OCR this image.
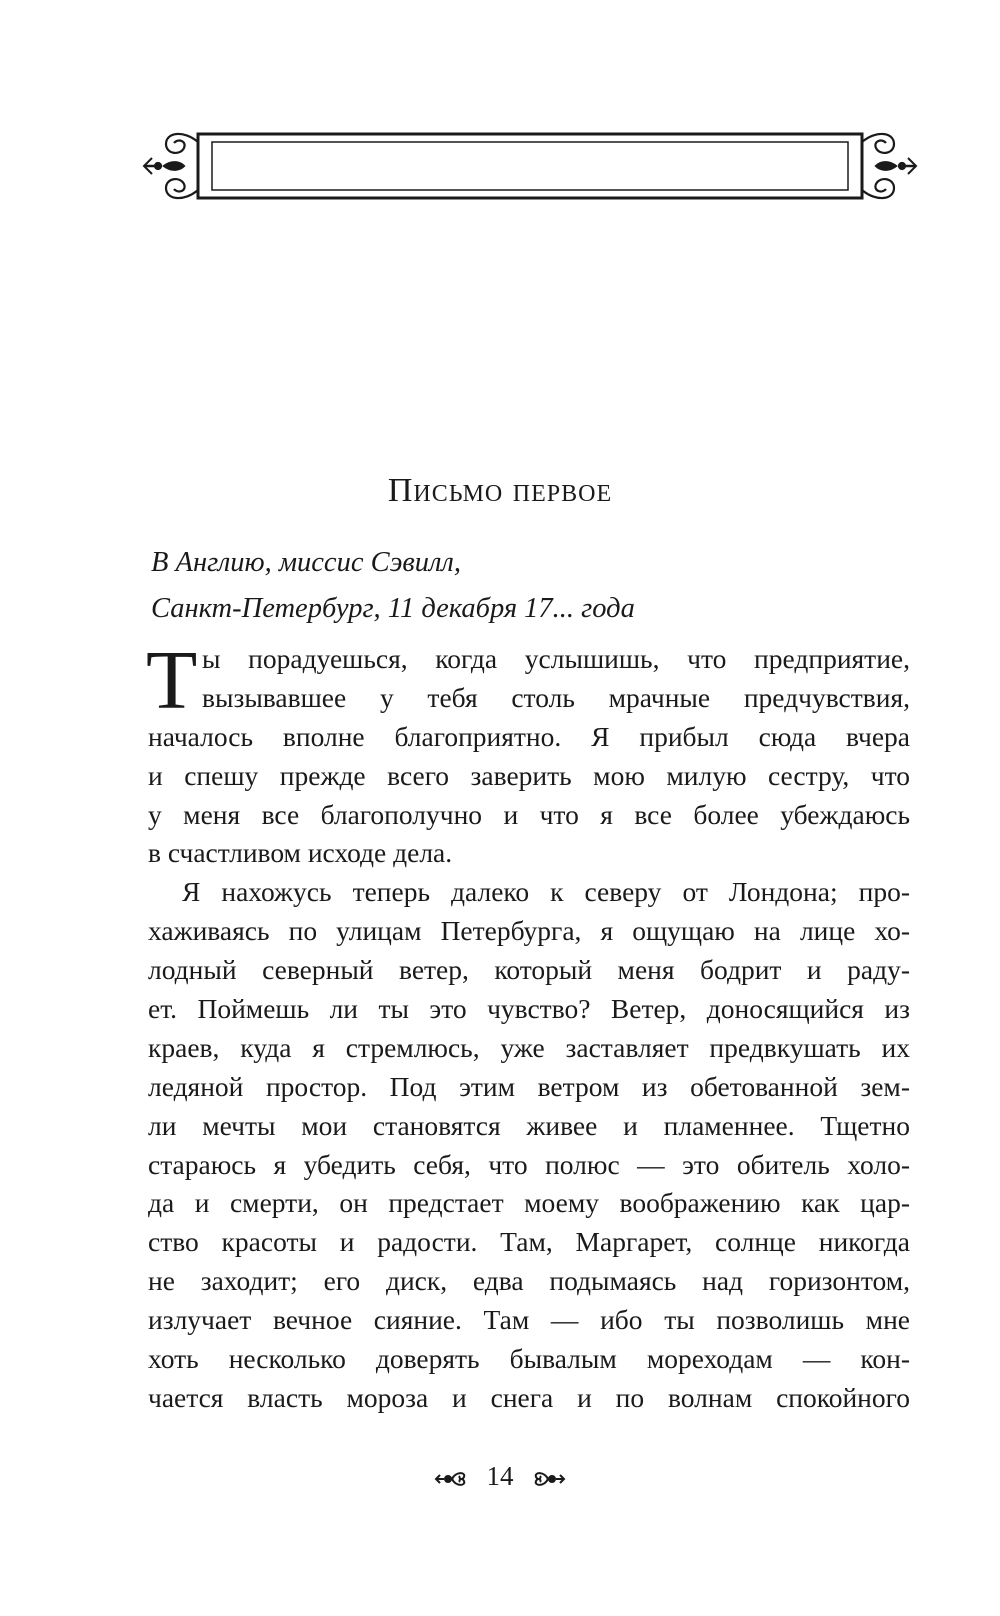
Письмо первое
В Англию, миссис Сэвилл,
Санкт-Петербург, 11 декабря 17... года
Т ы порадуешься, когда услышишь, что предприятие,
вызывавшее у тебя столь мрачные предчувствия,
началось вполне благоприятно. Я прибыл сюда вчера
и спешу прежде всего заверить мою милую сестру, что
у меня все благополучно и что я все более убеждаюсь
в счастливом исходе дела.
Я нахожусь теперь далеко к северу от Лондона; про-
хаживаясь по улицам Петербурга, я ощущаю на лице хо-
лодный северный ветер, который меня бодрит и раду-
ет. Поймешь ли ты это чувство? Ветер, доносящийся из
краев, куда я стремлюсь, уже заставляет предвкушать их
ледяной простор. Под этим ветром из обетованной зем-
ли мечты мои становятся живее и пламеннее. Тщетно
стараюсь я убедить себя, что полюс — это обитель холо-
да и смерти, он предстает моему воображению как цар-
ство красоты и радости. Там, Маргарет, солнце никогда
не заходит; его диск, едва подымаясь над горизонтом,
излучает вечное сияние. Там — ибо ты позволишь мне
хоть несколько доверять бывалым мореходам — кон-
чается власть мороза и снега и по волнам спокойного
14
